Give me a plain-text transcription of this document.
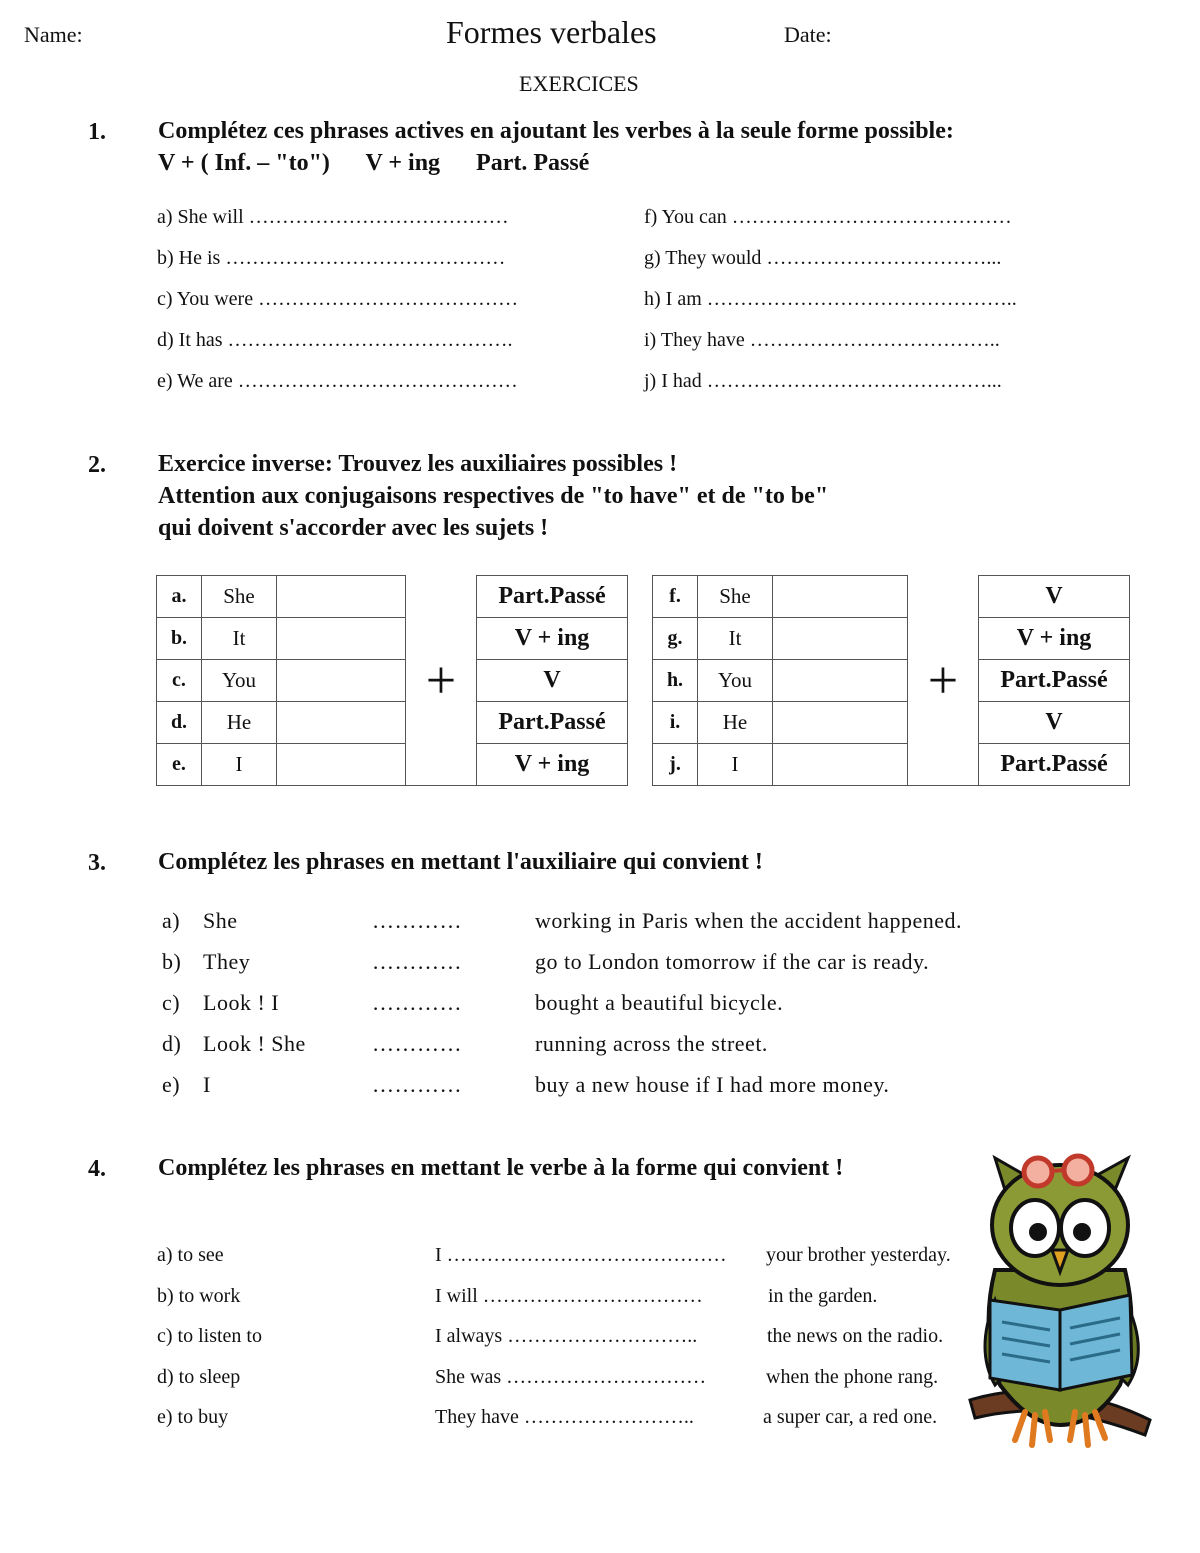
Name:	Formes verbales	Date:
EXERCICES
1. Complétez ces phrases actives en ajoutant les verbes à la seule forme possible:
V + ( Inf. – "to")      V + ing      Part. Passé
a) She will …………………………………
b) He is ……………………………………
c) You were …………………………………
d) It has …………………………………….
e) We are ……………………………………
f) You can ……………………………………
g) They would ……………………………...
h) I am ………………………………………..
i) They have ………………………………..
j) I had ……………………………………...
2. Exercice inverse: Trouvez les auxiliaires possibles !
Attention aux conjugaisons respectives de "to have" et de "to be"
qui doivent s'accorder avec les sujets !
a.	She		+	Part.Passé
b.	It			V + ing
c.	You			V
d.	He			Part.Passé
e.	I			V + ing
f.	She		+	V
g.	It			V + ing
h.	You			Part.Passé
i.	He			V
j.	I			Part.Passé
3. Complétez les phrases en mettant l'auxiliaire qui convient !
a) She	…………	working in Paris when the accident happened.
b) They	…………	go to London tomorrow if the car is ready.
c) Look ! I	…………	bought a beautiful bicycle.
d) Look ! She	…………	running across the street.
e) I	…………	buy a new house if I had more money.
4. Complétez les phrases en mettant le verbe à la forme qui convient !
a) to see	I …………………………………… your brother yesterday.
b) to work	I will ……………………………	in the garden.
c) to listen to	I always ………………………..	the news on the radio.
d) to sleep	She was …………………………	when the phone rang.
e) to buy	They have ……………………..	a super car, a red one.
